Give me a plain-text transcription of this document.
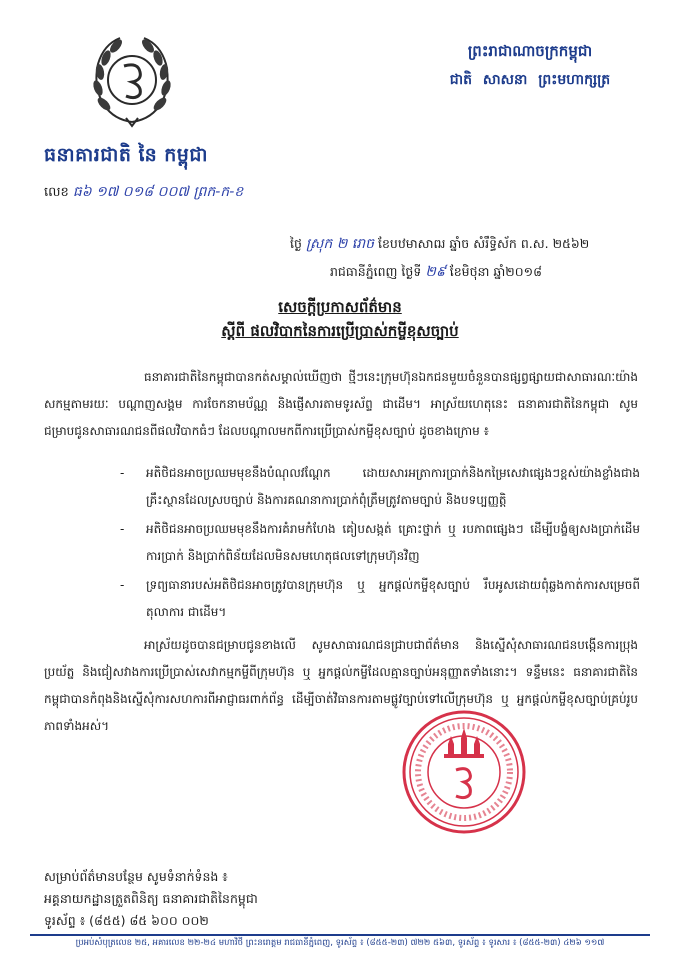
ធនាគារជាតិ នៃ កម្ពុជា
ព្រះរាជាណាចក្រកម្ពុជា
ជាតិ សាសនា ព្រះមហាក្សត្រ
លេខ ធ៦ ១៧ ០១៨ ០០៧ ព្រក-ក-ខ
ថ្ងៃ ស្រុក ២ រោច ខែបឋមាសាឍ ឆ្នាំច សំរឹទ្ធិស័ក ព.ស. ២៥៦២
រាជធានីភ្នំពេញ ថ្ងៃទី ២៩ ខែមិថុនា ឆ្នាំ២០១៨
សេចក្តីប្រកាសព័ត៌មាន
ស្តីពី ផលវិបាកនៃការប្រើប្រាស់កម្ចីខុសច្បាប់
ធនាគារជាតិនៃកម្ពុជាបានកត់សម្គាល់ឃើញថា ថ្មីៗនេះក្រុមហ៊ុនឯកជនមួយចំនួនបានផ្សព្វផ្សាយជាសាធារណៈយ៉ាងសកម្មតាមរយៈ បណ្តាញសង្គម ការចែកនាមប័ណ្ណ និងផ្ញើសារតាមទូរស័ព្ទ ជាដើម។ អាស្រ័យហេតុនេះ ធនាគារជាតិនៃកម្ពុជា សូមជម្រាបជូនសាធារណជនពីផលវិបាកធំៗ ដែលបណ្តាលមកពីការប្រើប្រាស់កម្ចីខុសច្បាប់ ដូចខាងក្រោម ៖
- អតិថិជនអាចប្រឈមមុខនឹងបំណុលវណ្តែក ដោយសារអត្រាការប្រាក់និងកម្រៃសេវាផ្សេងៗខ្ពស់យ៉ាងខ្លាំងជាងគ្រឹះស្ថានដែលស្របច្បាប់ និងការគណនាការប្រាក់ពុំត្រឹមត្រូវតាមច្បាប់ និងបទប្បញ្ញត្តិ
- អតិថិជនអាចប្រឈមមុខនឹងការគំរាមកំហែង គៀបសង្កត់ គ្រោះថ្នាក់ ឬ របភាពផ្សេងៗ ដើម្បីបង្ខំឲ្យសងប្រាក់ដើម ការប្រាក់ និងប្រាក់ពិន័យដែលមិនសមហេតុផលទៅក្រុមហ៊ុនវិញ
- ទ្រព្យធានារបស់អតិថិជនអាចត្រូវបានក្រុមហ៊ុន ឬ អ្នកផ្តល់កម្ចីខុសច្បាប់ រឹបអូសដោយពុំឆ្លងកាត់ការសម្រេចពីតុលាការ ជាដើម។
អាស្រ័យដូចបានជម្រាបជូនខាងលើ សូមសាធារណជនជ្រាបជាព័ត៌មាន និងស្នើសុំសាធារណជនបង្កើនការប្រុងប្រយ័ត្ន និងជៀសវាងការប្រើប្រាស់សេវាកម្មកម្ចីពីក្រុមហ៊ុន ឬ អ្នកផ្តល់កម្ចីដែលគ្មានច្បាប់អនុញ្ញាតទាំងនោះ។ ទន្ទឹមនេះ ធនាគារជាតិនៃកម្ពុជាបានកំពុងនិងស្នើសុំការសហការពីអាជ្ញាធរពាក់ព័ន្ធ ដើម្បីចាត់វិធានការតាមផ្លូវច្បាប់ទៅលើក្រុមហ៊ុន ឬ អ្នកផ្តល់កម្ចីខុសច្បាប់គ្រប់រូបភាពទាំងអស់។
សម្រាប់ព័ត៌មានបន្ថែម សូមទំនាក់ទំនង ៖
អគ្គនាយកដ្ឋានត្រួតពិនិត្យ ធនាគារជាតិនៃកម្ពុជា
ទូរស័ព្ទ ៖ (៨៥៥) ៨៥ ៦០០ ០០២
ប្រអប់សំបុត្រលេខ ២៥, អគារលេខ ២២-២៤ មហាវិថី ព្រះនរោត្តម រាជធានីភ្នំពេញ, ទូរស័ព្ទ ៖ (៨៥៥-២៣) ៧២២ ៥៦៣, ទូរស័ព្ទ ៖ ទូរសារ ៖ (៨៥៥-២៣) ៤២៦ ១១៧
